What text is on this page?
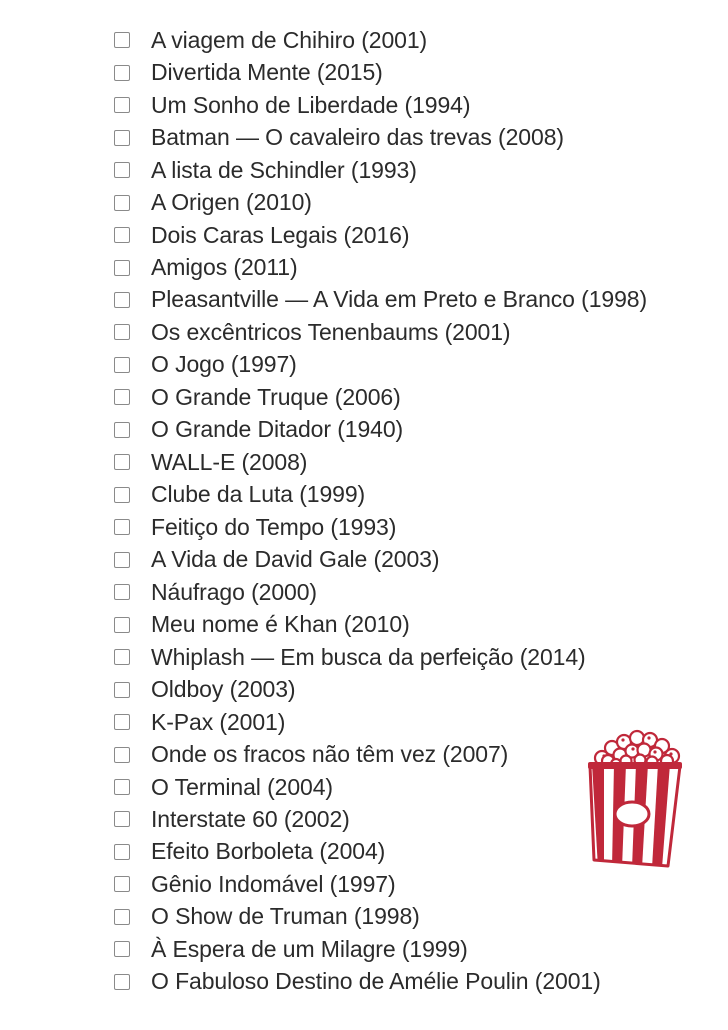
A viagem de Chihiro (2001)
Divertida Mente (2015)
Um Sonho de Liberdade (1994)
Batman — O cavaleiro das trevas (2008)
A lista de Schindler (1993)
A Origen (2010)
Dois Caras Legais (2016)
Amigos (2011)
Pleasantville — A Vida em Preto e Branco (1998)
Os excêntricos Tenenbaums (2001)
O Jogo (1997)
O Grande Truque (2006)
O Grande Ditador (1940)
WALL-E (2008)
Clube da Luta (1999)
Feitiço do Tempo (1993)
A Vida de David Gale (2003)
Náufrago (2000)
Meu nome é Khan (2010)
Whiplash — Em busca da perfeição (2014)
Oldboy (2003)
K-Pax (2001)
Onde os fracos não têm vez (2007)
O Terminal (2004)
Interstate 60 (2002)
Efeito Borboleta (2004)
Gênio Indomável (1997)
O Show de Truman (1998)
À Espera de um Milagre (1999)
O Fabuloso Destino de Amélie Poulin (2001)
